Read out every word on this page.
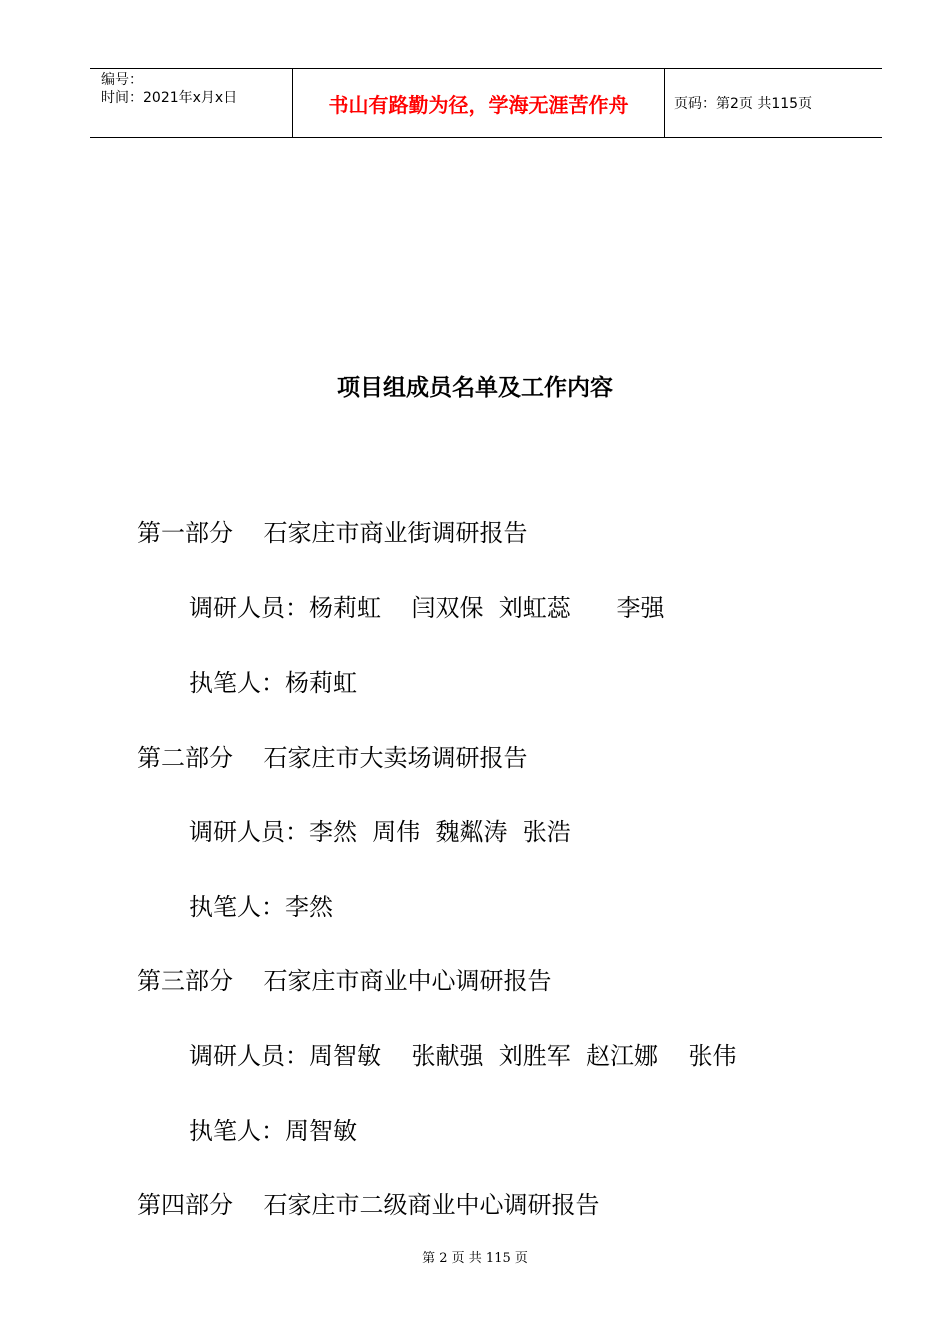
编号：
时间：2021年x月x日	书山有路勤为径，学海无涯苦作舟	页码：第2页 共115页
项目组成员名单及工作内容
第一部分    石家庄市商业街调研报告
调研人员：杨莉虹    闫双保  刘虹蕊      李强
执笔人：杨莉虹
第二部分    石家庄市大卖场调研报告
调研人员：李然  周伟  魏粼涛  张浩
执笔人：李然
第三部分    石家庄市商业中心调研报告
调研人员：周智敏    张献强  刘胜军  赵江娜    张伟
执笔人：周智敏
第四部分    石家庄市二级商业中心调研报告
第 2 页 共 115 页
